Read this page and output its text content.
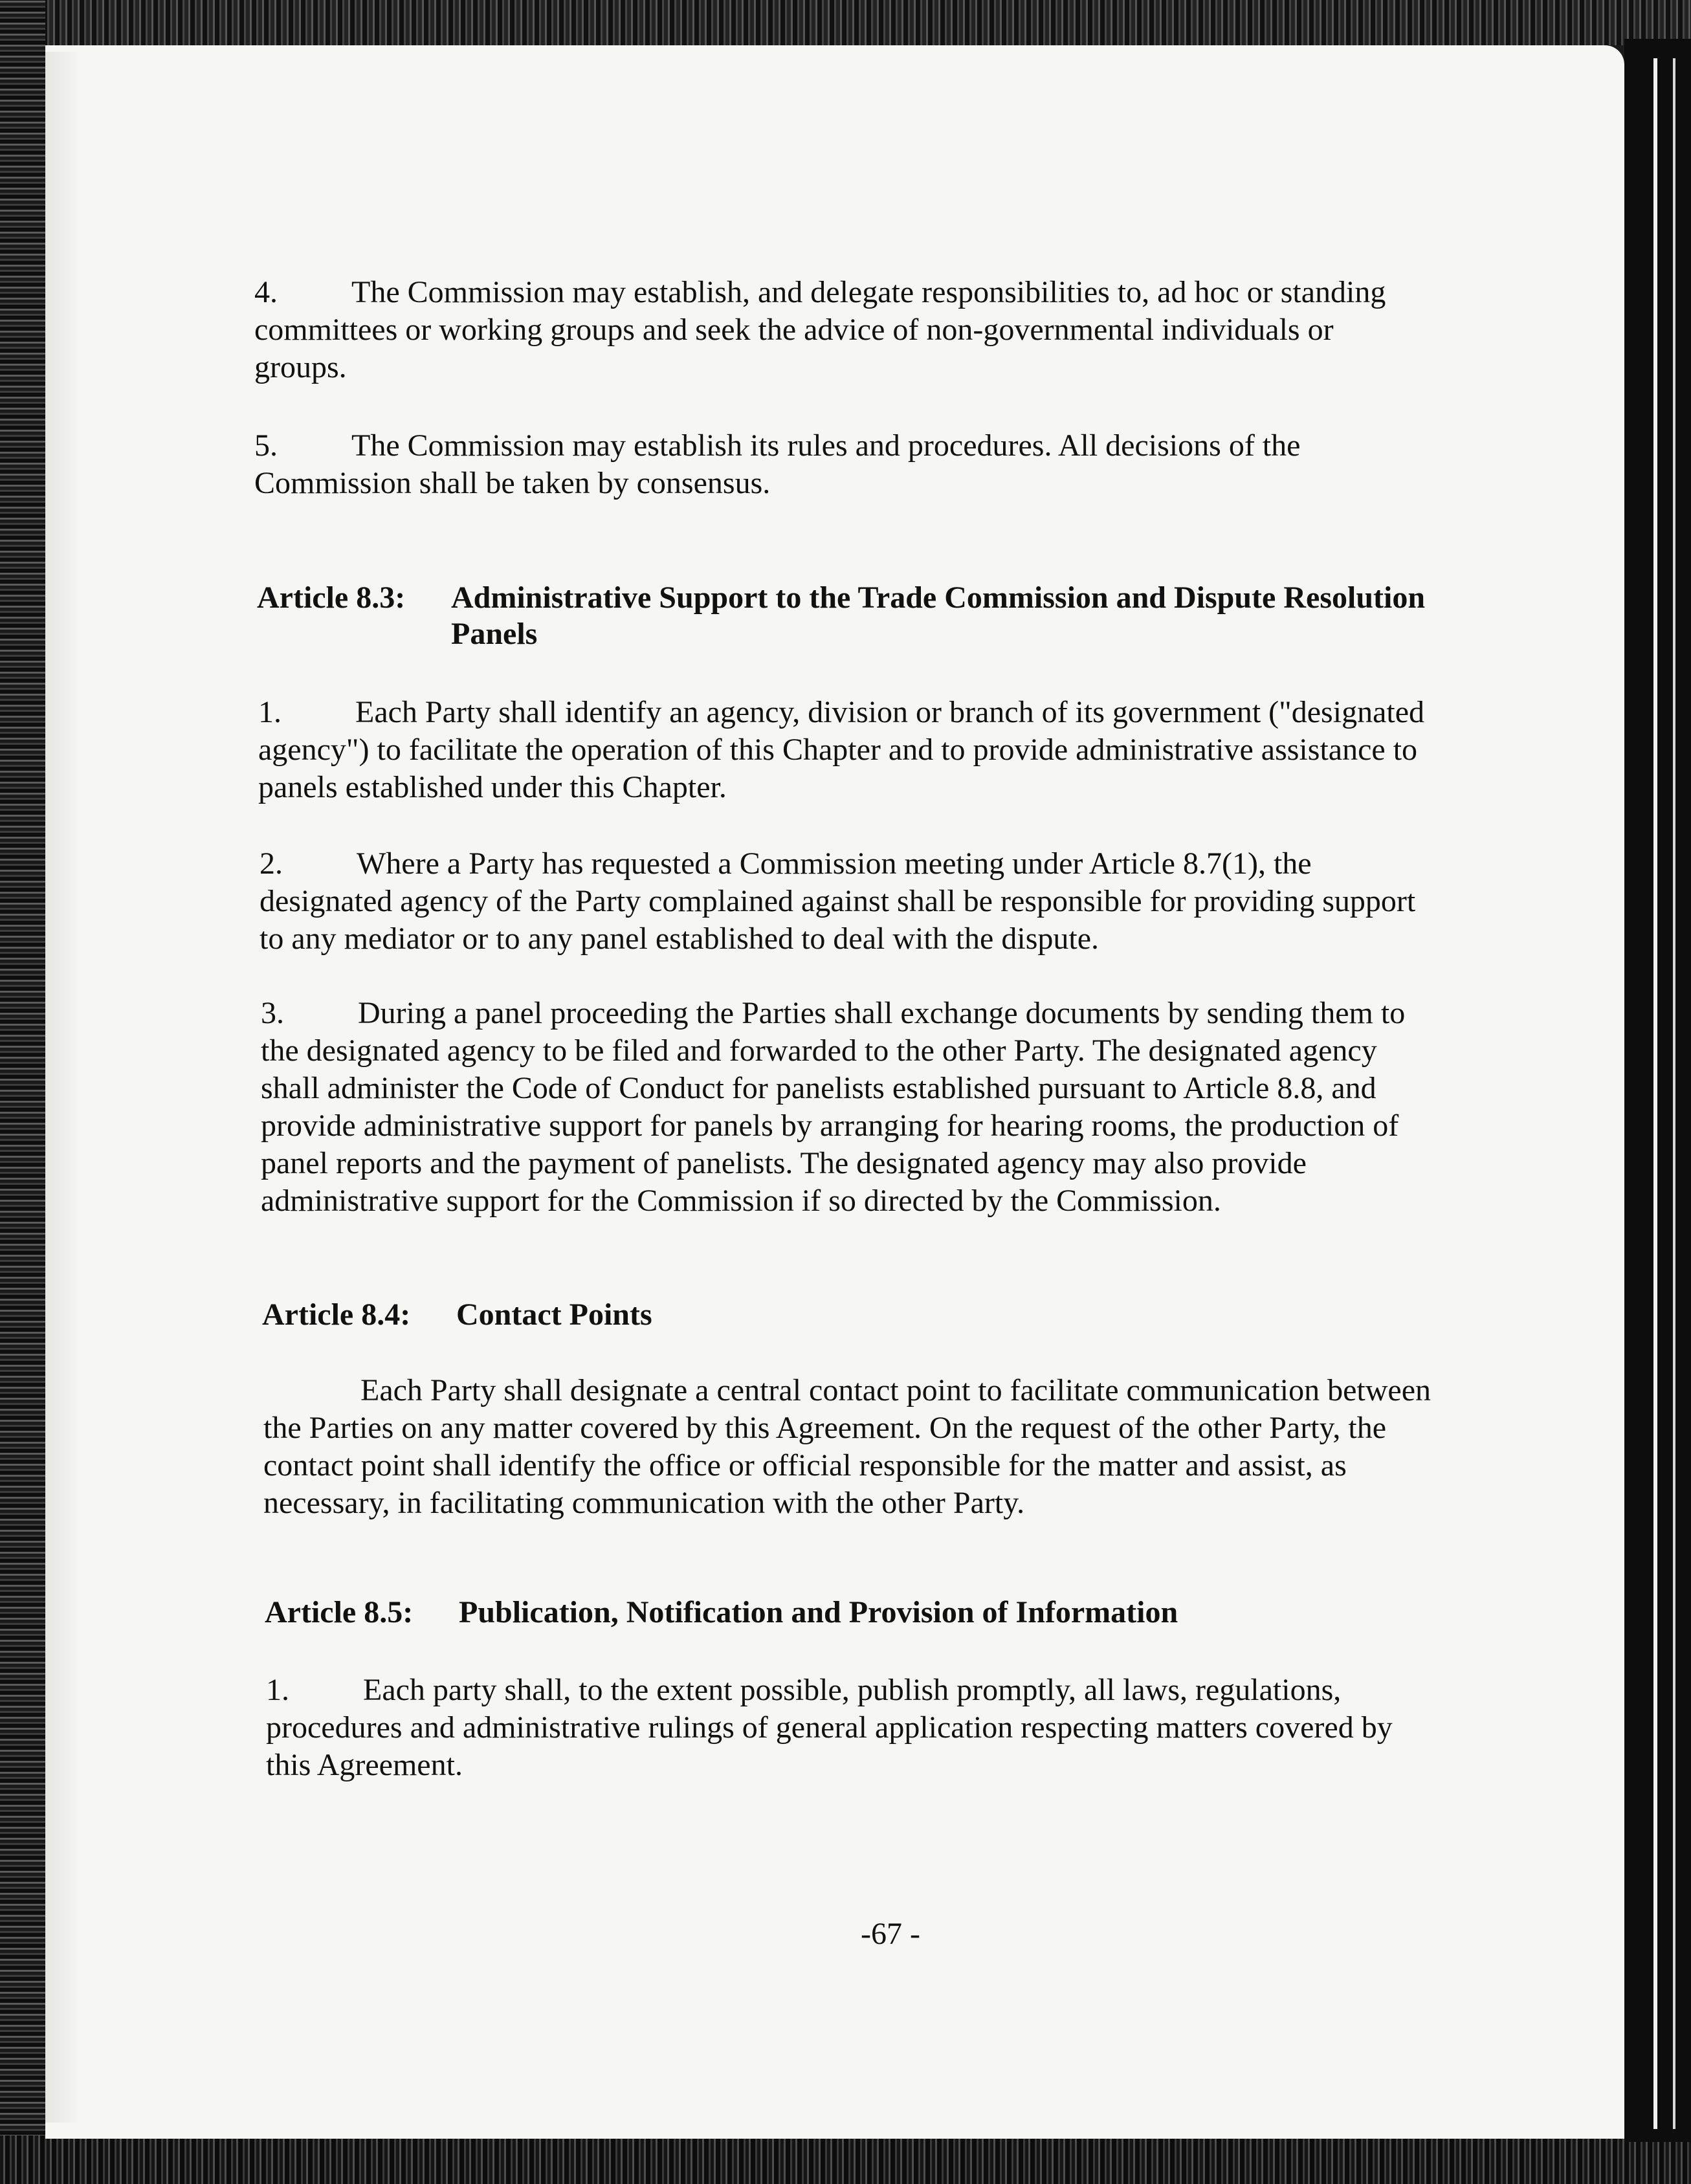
4. The Commission may establish, and delegate responsibilities to, ad hoc or standing
committees or working groups and seek the advice of non-governmental individuals or
groups.
5. The Commission may establish its rules and procedures. All decisions of the
Commission shall be taken by consensus.
Article 8.3: Administrative Support to the Trade Commission and Dispute Resolution
Panels
1. Each Party shall identify an agency, division or branch of its government ("designated
agency") to facilitate the operation of this Chapter and to provide administrative assistance to
panels established under this Chapter.
2. Where a Party has requested a Commission meeting under Article 8.7(1), the
designated agency of the Party complained against shall be responsible for providing support
to any mediator or to any panel established to deal with the dispute.
3. During a panel proceeding the Parties shall exchange documents by sending them to
the designated agency to be filed and forwarded to the other Party. The designated agency
shall administer the Code of Conduct for panelists established pursuant to Article 8.8, and
provide administrative support for panels by arranging for hearing rooms, the production of
panel reports and the payment of panelists. The designated agency may also provide
administrative support for the Commission if so directed by the Commission.
Article 8.4: Contact Points
Each Party shall designate a central contact point to facilitate communication between
the Parties on any matter covered by this Agreement. On the request of the other Party, the
contact point shall identify the office or official responsible for the matter and assist, as
necessary, in facilitating communication with the other Party.
Article 8.5: Publication, Notification and Provision of Information
1. Each party shall, to the extent possible, publish promptly, all laws, regulations,
procedures and administrative rulings of general application respecting matters covered by
this Agreement.
-67 -
